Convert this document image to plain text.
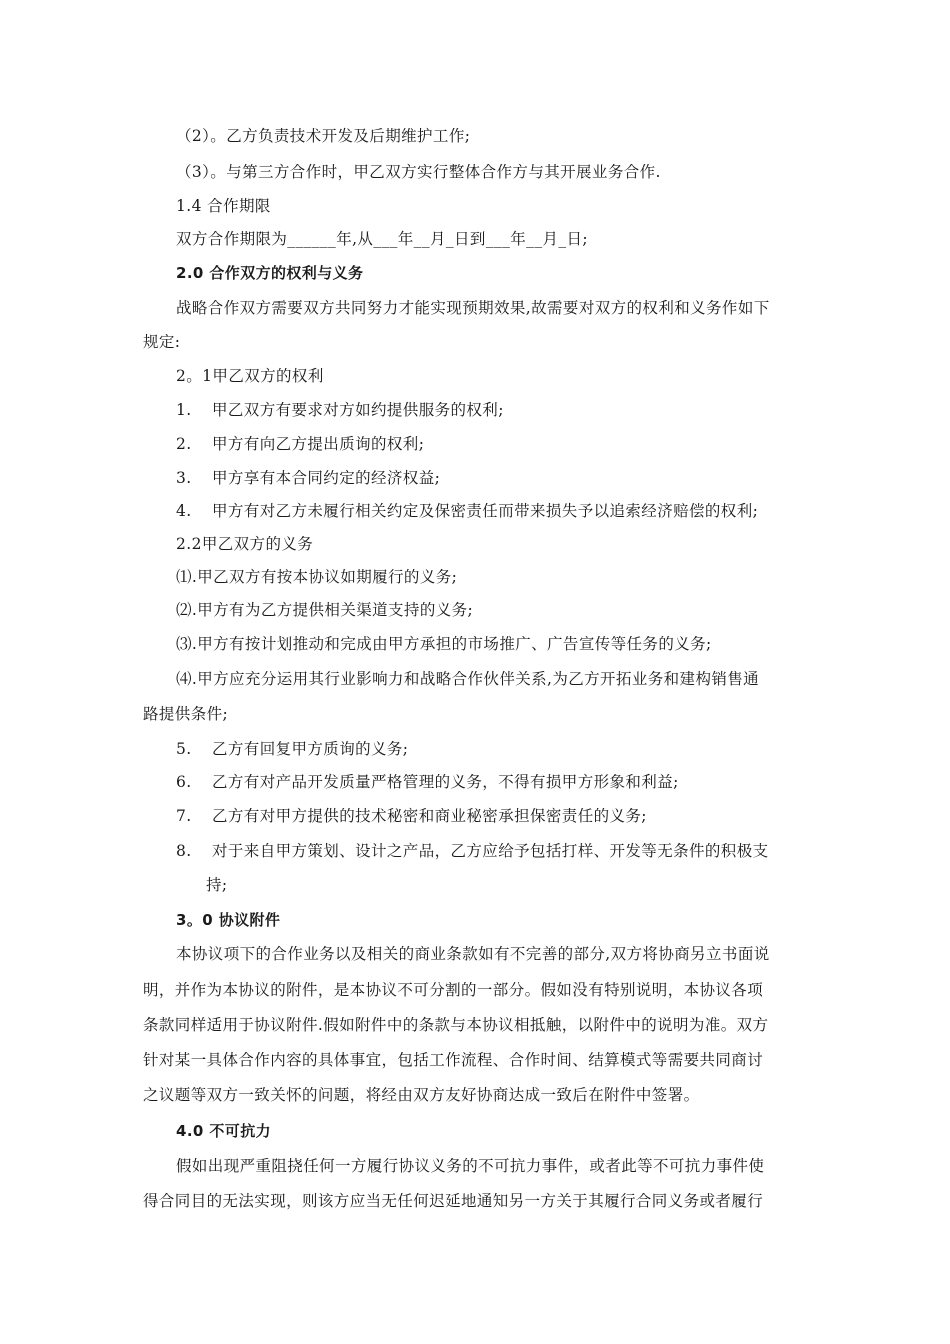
（2）。乙方负责技术开发及后期维护工作;
（3）。与第三方合作时，甲乙双方实行整体合作方与其开展业务合作.
1.4 合作期限
双方合作期限为______年,从___年__月_日到___年__月_日;
2.0 合作双方的权利与义务
战略合作双方需要双方共同努力才能实现预期效果,故需要对双方的权利和义务作如下
规定:
2。1甲乙双方的权利
1. 甲乙双方有要求对方如约提供服务的权利;
2. 甲方有向乙方提出质询的权利;
3. 甲方享有本合同约定的经济权益;
4. 甲方有对乙方未履行相关约定及保密责任而带来损失予以追索经济赔偿的权利;
2.2甲乙双方的义务
⑴.甲乙双方有按本协议如期履行的义务;
⑵.甲方有为乙方提供相关渠道支持的义务;
⑶.甲方有按计划推动和完成由甲方承担的市场推广、广告宣传等任务的义务;
⑷.甲方应充分运用其行业影响力和战略合作伙伴关系,为乙方开拓业务和建构销售通
路提供条件;
5. 乙方有回复甲方质询的义务;
6. 乙方有对产品开发质量严格管理的义务，不得有损甲方形象和利益;
7. 乙方有对甲方提供的技术秘密和商业秘密承担保密责任的义务;
8. 对于来自甲方策划、设计之产品，乙方应给予包括打样、开发等无条件的积极支
持;
3。0 协议附件
本协议项下的合作业务以及相关的商业条款如有不完善的部分,双方将协商另立书面说
明，并作为本协议的附件，是本协议不可分割的一部分。假如没有特别说明，本协议各项
条款同样适用于协议附件.假如附件中的条款与本协议相抵触，以附件中的说明为准。双方
针对某一具体合作内容的具体事宜，包括工作流程、合作时间、结算模式等需要共同商讨
之议题等双方一致关怀的问题，将经由双方友好协商达成一致后在附件中签署。
4.0 不可抗力
假如出现严重阻挠任何一方履行协议义务的不可抗力事件，或者此等不可抗力事件使
得合同目的无法实现，则该方应当无任何迟延地通知另一方关于其履行合同义务或者履行
